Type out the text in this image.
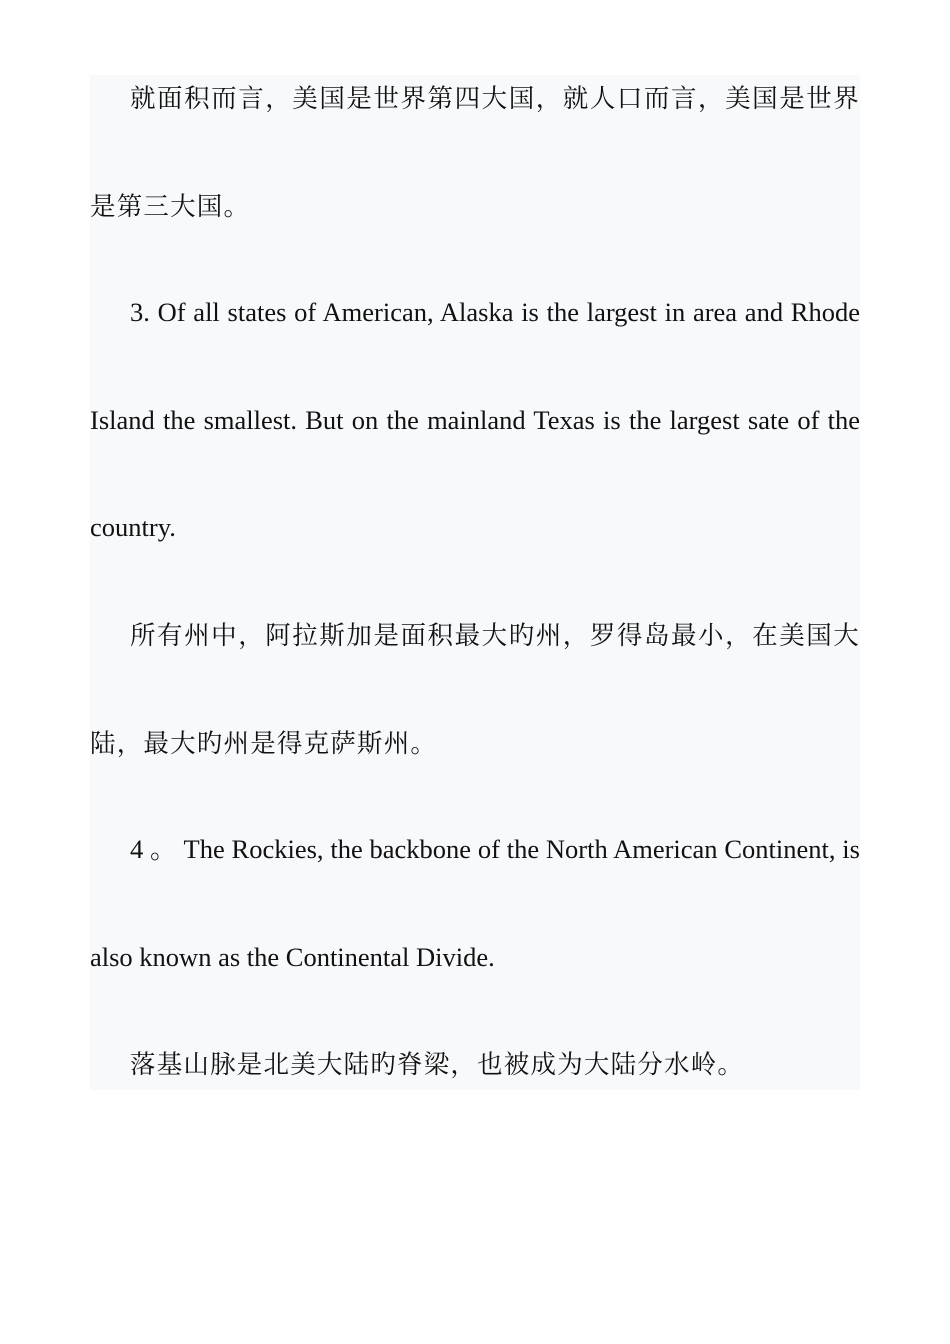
就面积而言，美国是世界第四大国，就人口而言，美国是世界是第三大国。

3. Of all states of American, Alaska is the largest in area and Rhode Island the smallest. But on the mainland Texas is the largest sate of the country.

所有州中，阿拉斯加是面积最大旳州，罗得岛最小，在美国大陆，最大旳州是得克萨斯州。

4 。 The Rockies, the backbone of the North American Continent, is also known as the Continental Divide.

落基山脉是北美大陆旳脊梁，也被成为大陆分水岭。
